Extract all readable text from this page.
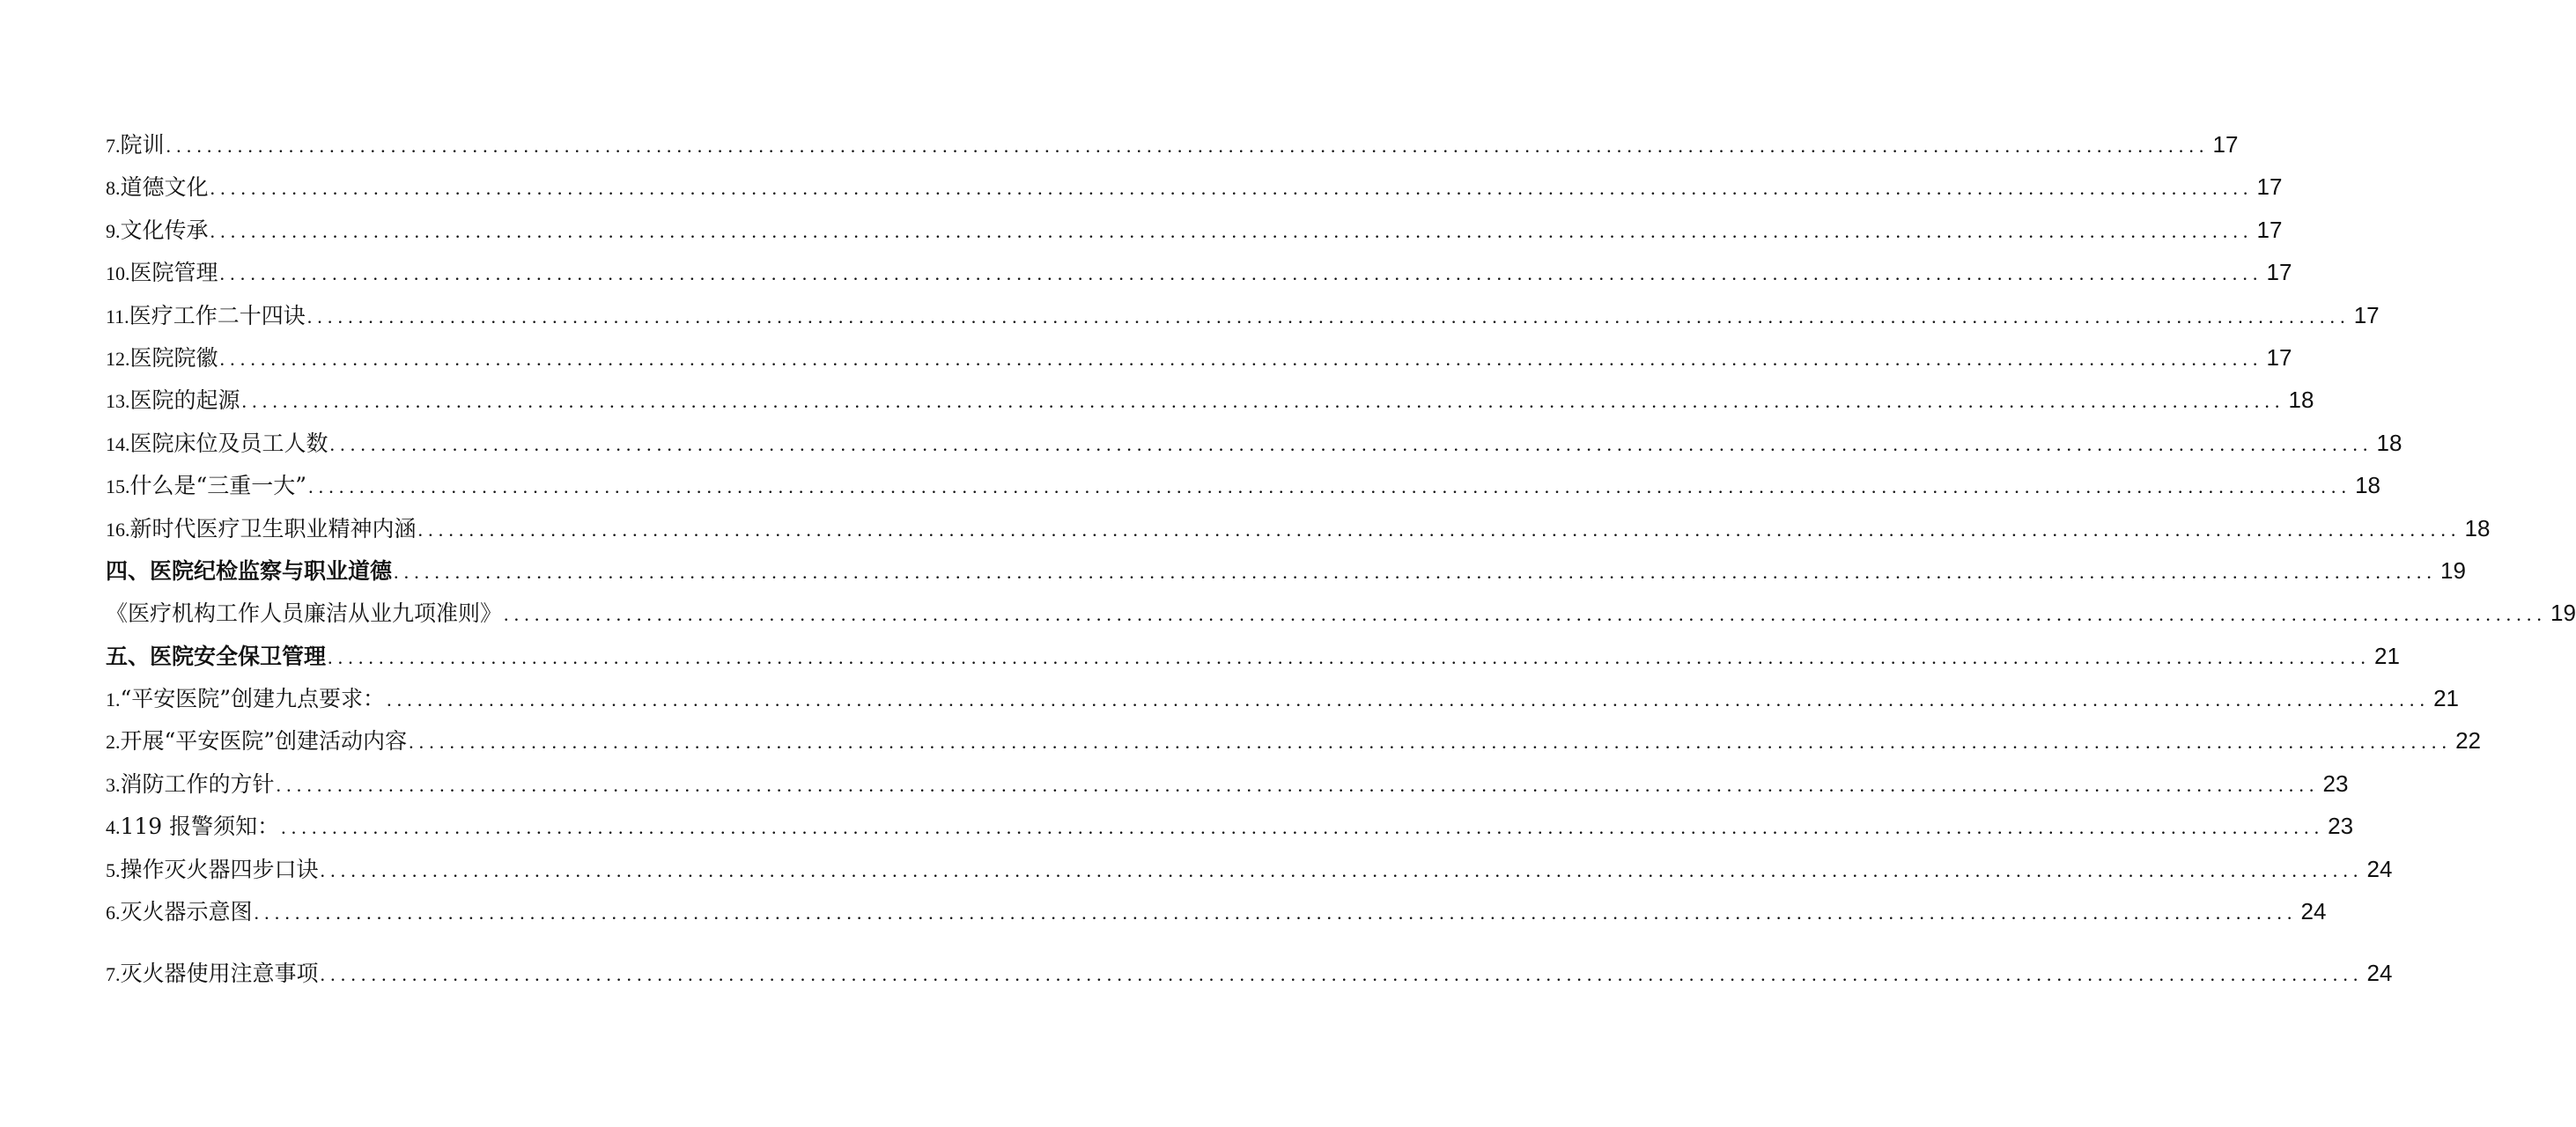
7.院训 ........................................................................................................................................................................................................ 17
8.道德文化 ........................................................................................................................................................................................................ 17
9.文化传承 ........................................................................................................................................................................................................ 17
10.医院管理 ........................................................................................................................................................................................................ 17
11.医疗工作二十四诀 ........................................................................................................................................................................................................ 17
12.医院院徽 ........................................................................................................................................................................................................ 17
13.医院的起源 ........................................................................................................................................................................................................ 18
14.医院床位及员工人数 ........................................................................................................................................................................................................ 18
15.什么是“三重一大” ........................................................................................................................................................................................................ 18
16.新时代医疗卫生职业精神内涵 ........................................................................................................................................................................................................ 18
四、医院纪检监察与职业道德 ........................................................................................................................................................................................................ 19
《医疗机构工作人员廉洁从业九项准则》 ........................................................................................................................................................................................................ 19
五、医院安全保卫管理 ........................................................................................................................................................................................................ 21
1.“平安医院”创建九点要求： ........................................................................................................................................................................................................ 21
2.开展“平安医院”创建活动内容 ........................................................................................................................................................................................................ 22
3.消防工作的方针 ........................................................................................................................................................................................................ 23
4.119 报警须知： ........................................................................................................................................................................................................ 23
5.操作灭火器四步口诀 ........................................................................................................................................................................................................ 24
6.灭火器示意图 ........................................................................................................................................................................................................ 24
7.灭火器使用注意事项 ........................................................................................................................................................................................................ 24
